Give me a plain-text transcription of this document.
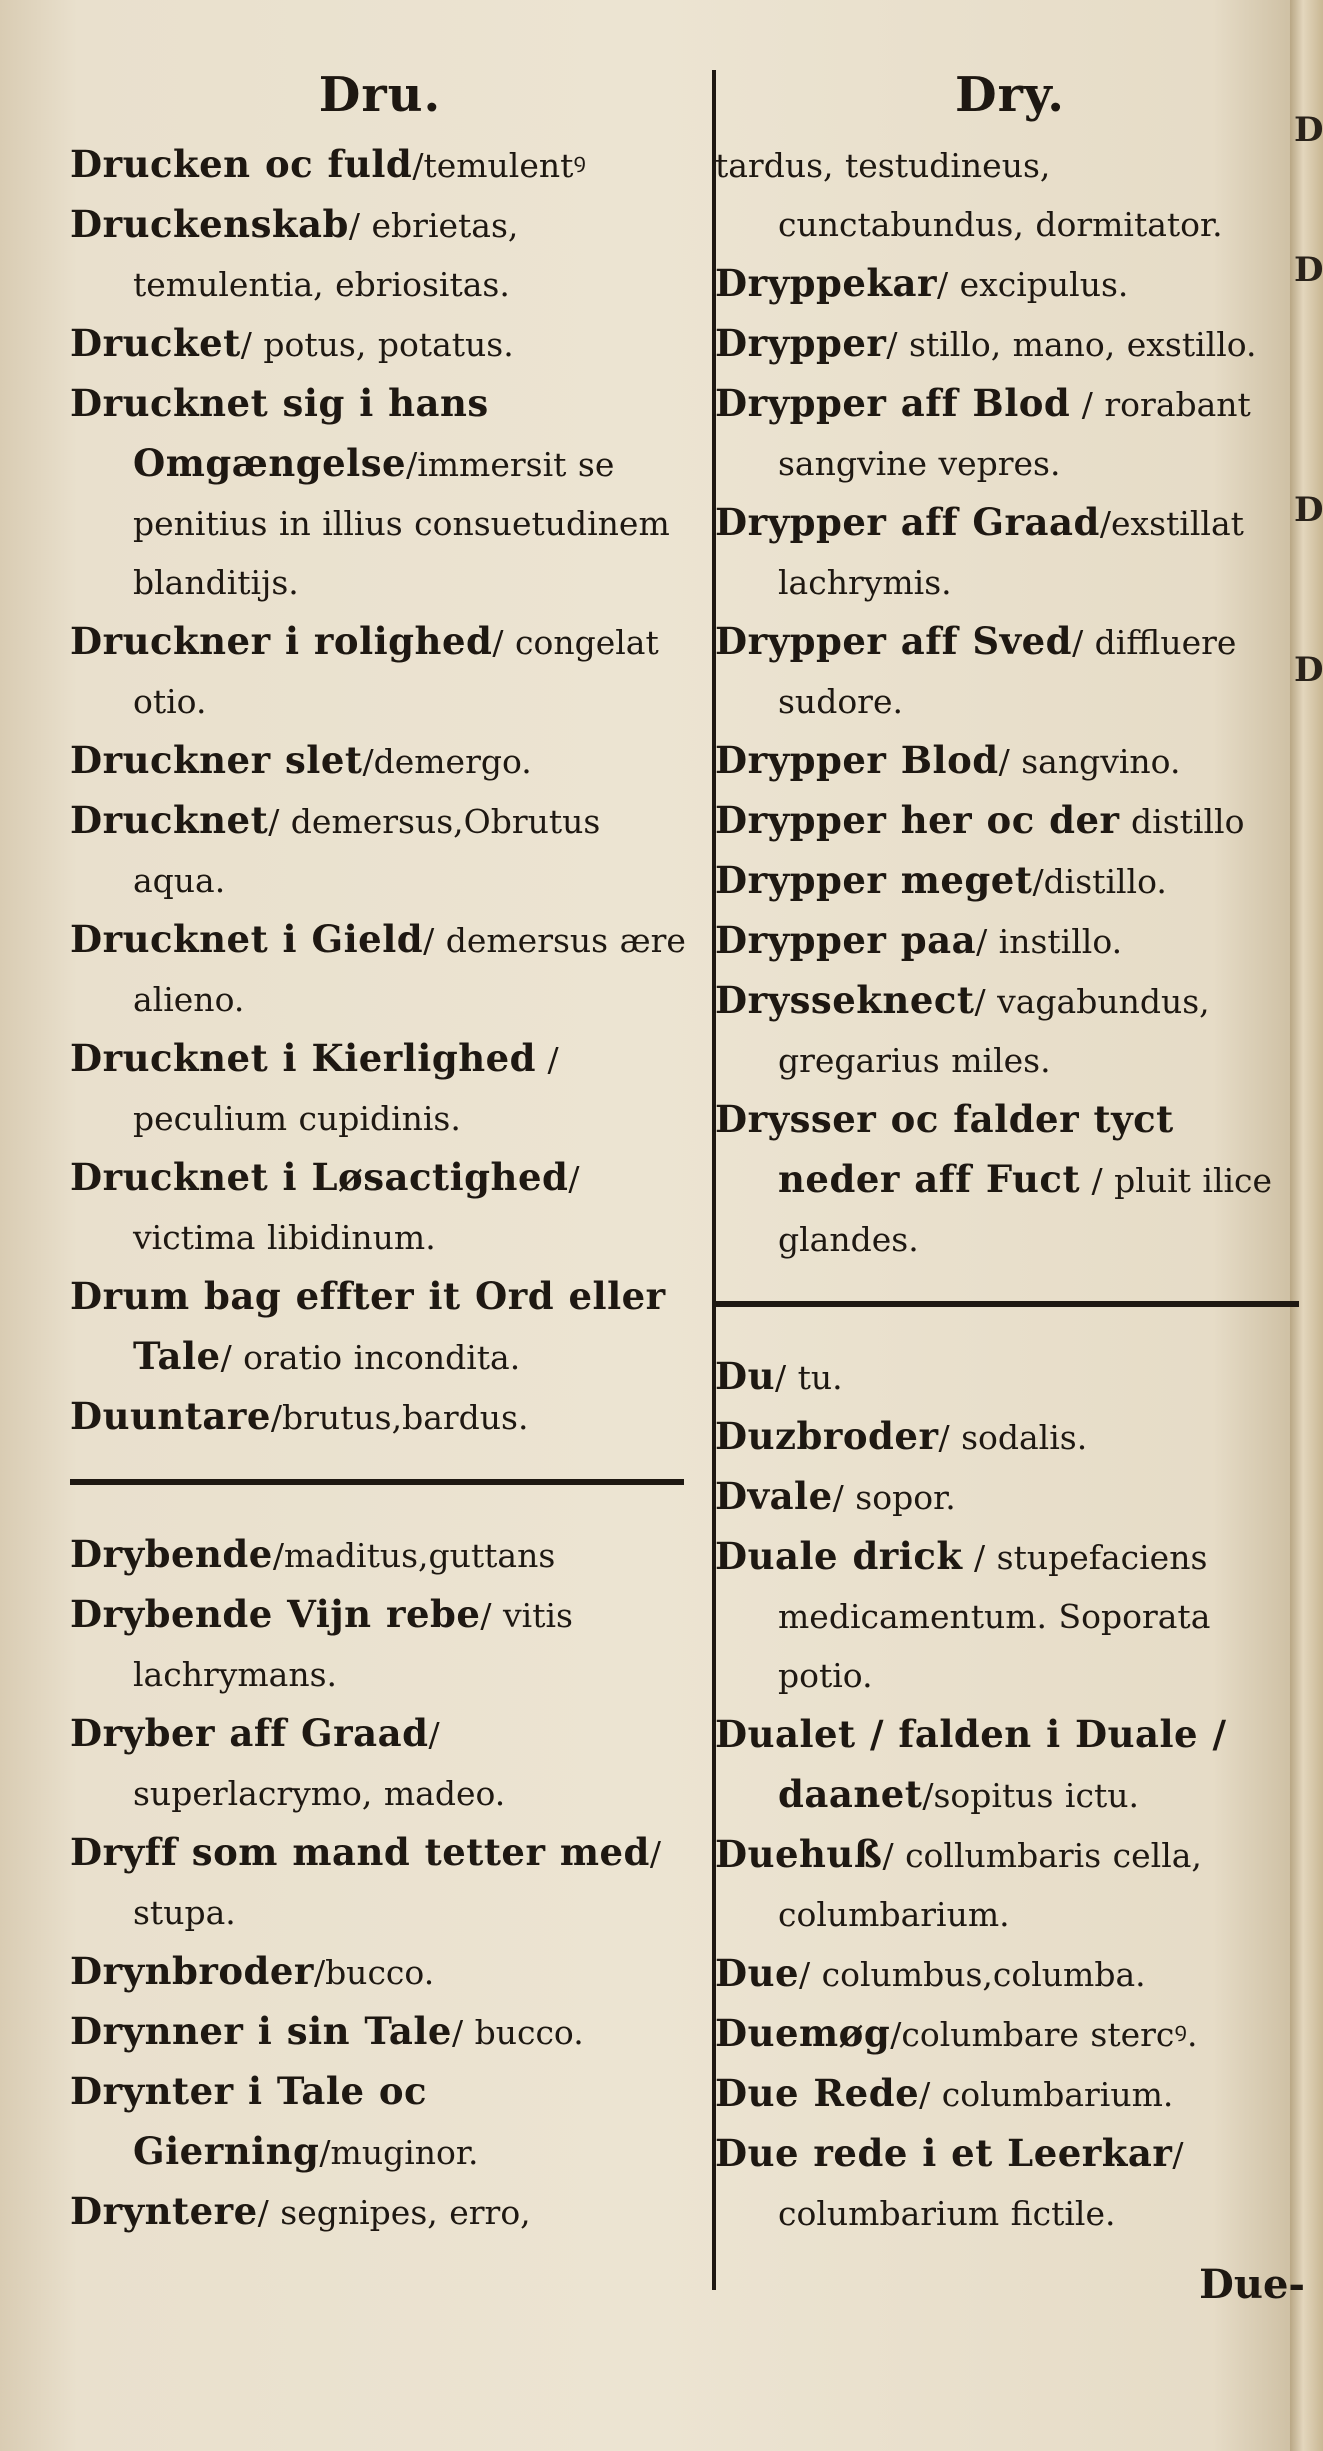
D
D
D
D
Dru.
Drucken oc fuld/temulentꝰ
Druckenskab/ ebrietas, temulentia, ebriositas.
Drucket/ potus, potatus.
Drucknet sig i hans Omgængelse/immersit se penitius in illius consuetudinem blanditijs.
Druckner i rolighed/ congelat otio.
Druckner slet/demergo.
Drucknet/ demersus,Obrutus aqua.
Drucknet i Gield/ demersus ære alieno.
Drucknet i Kierlighed / peculium cupidinis.
Drucknet i Løsactighed/ victima libidinum.
Drum bag effter it Ord eller Tale/ oratio incondita.
Duuntare/brutus,bardus.
Drybende/maditus,guttans
Drybende Vijn rebe/ vitis lachrymans.
Dryber aff Graad/ superlacrymo, madeo.
Dryff som mand tetter med/ stupa.
Drynbroder/bucco.
Drynner i sin Tale/ bucco.
Drynter i Tale oc Gierning/muginor.
Dryntere/ segnipes, erro,
Dry.
tardus, testudineus, cunctabundus, dormitator.
Dryppekar/ excipulus.
Drypper/ stillo, mano, exstillo.
Drypper aff Blod / rorabant sangvine vepres.
Drypper aff Graad/exstillat lachrymis.
Drypper aff Sved/ diffluere sudore.
Drypper Blod/ sangvino.
Drypper her oc der distillo
Drypper meget/distillo.
Drypper paa/ instillo.
Drysseknect/ vagabundus, gregarius miles.
Drysser oc falder tyct neder aff Fuct / pluit ilice glandes.
Du/ tu.
Duzbroder/ sodalis.
Dvale/ sopor.
Duale drick / stupefaciens medicamentum. Soporata potio.
Dualet / falden i Duale / daanet/sopitus ictu.
Duehuß/ collumbaris cella, columbarium.
Due/ columbus,columba.
Duemøg/columbare stercꝰ.
Due Rede/ columbarium.
Due rede i et Leerkar/ columbarium fictile.
Due-
